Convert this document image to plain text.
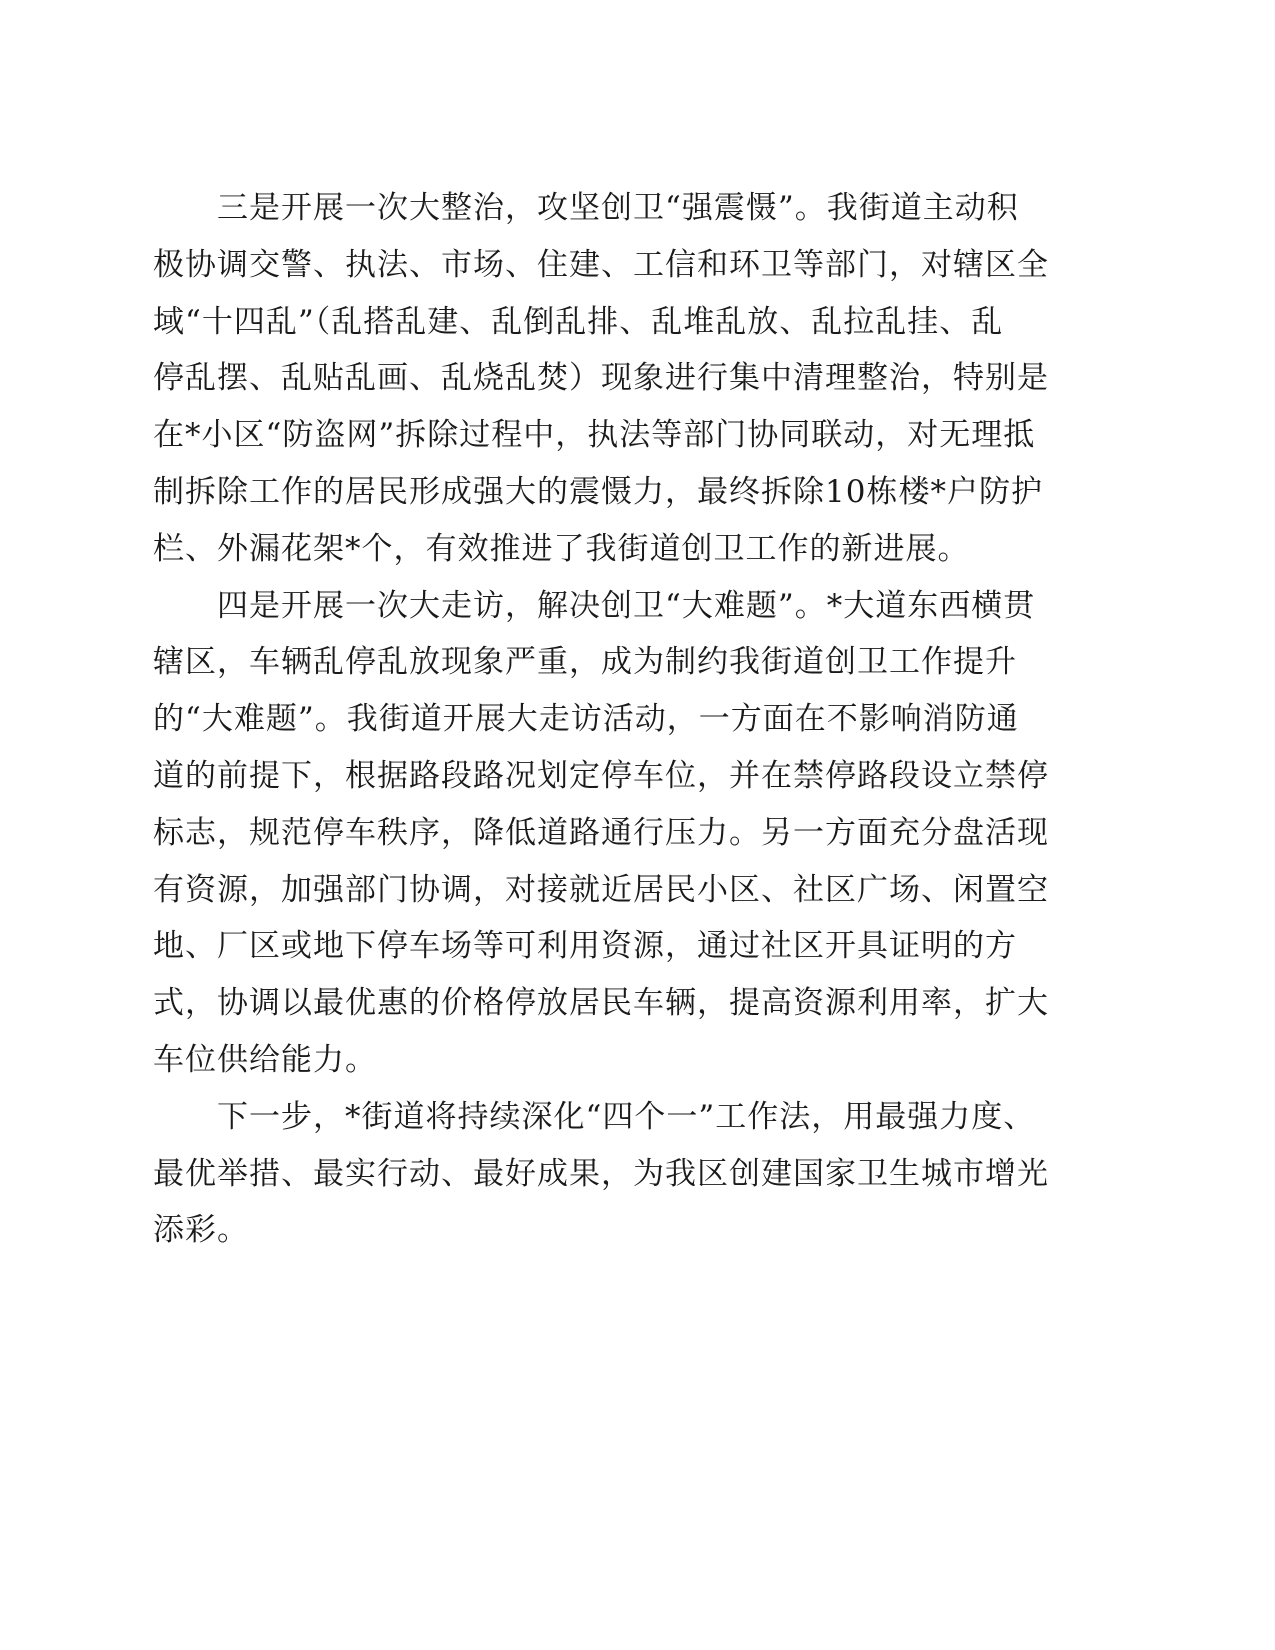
三是开展一次大整治，攻坚创卫“强震慑”。我街道主动积
极协调交警、执法、市场、住建、工信和环卫等部门，对辖区全
域“十四乱”（乱搭乱建、乱倒乱排、乱堆乱放、乱拉乱挂、乱
停乱摆、乱贴乱画、乱烧乱焚）现象进行集中清理整治，特别是
在*小区“防盗网”拆除过程中，执法等部门协同联动，对无理抵
制拆除工作的居民形成强大的震慑力，最终拆除10栋楼*户防护
栏、外漏花架*个，有效推进了我街道创卫工作的新进展。
四是开展一次大走访，解决创卫“大难题”。*大道东西横贯
辖区，车辆乱停乱放现象严重，成为制约我街道创卫工作提升
的“大难题”。我街道开展大走访活动，一方面在不影响消防通
道的前提下，根据路段路况划定停车位，并在禁停路段设立禁停
标志，规范停车秩序，降低道路通行压力。另一方面充分盘活现
有资源，加强部门协调，对接就近居民小区、社区广场、闲置空
地、厂区或地下停车场等可利用资源，通过社区开具证明的方
式，协调以最优惠的价格停放居民车辆，提高资源利用率，扩大
车位供给能力。
下一步，*街道将持续深化“四个一”工作法，用最强力度、
最优举措、最实行动、最好成果，为我区创建国家卫生城市增光
添彩。
